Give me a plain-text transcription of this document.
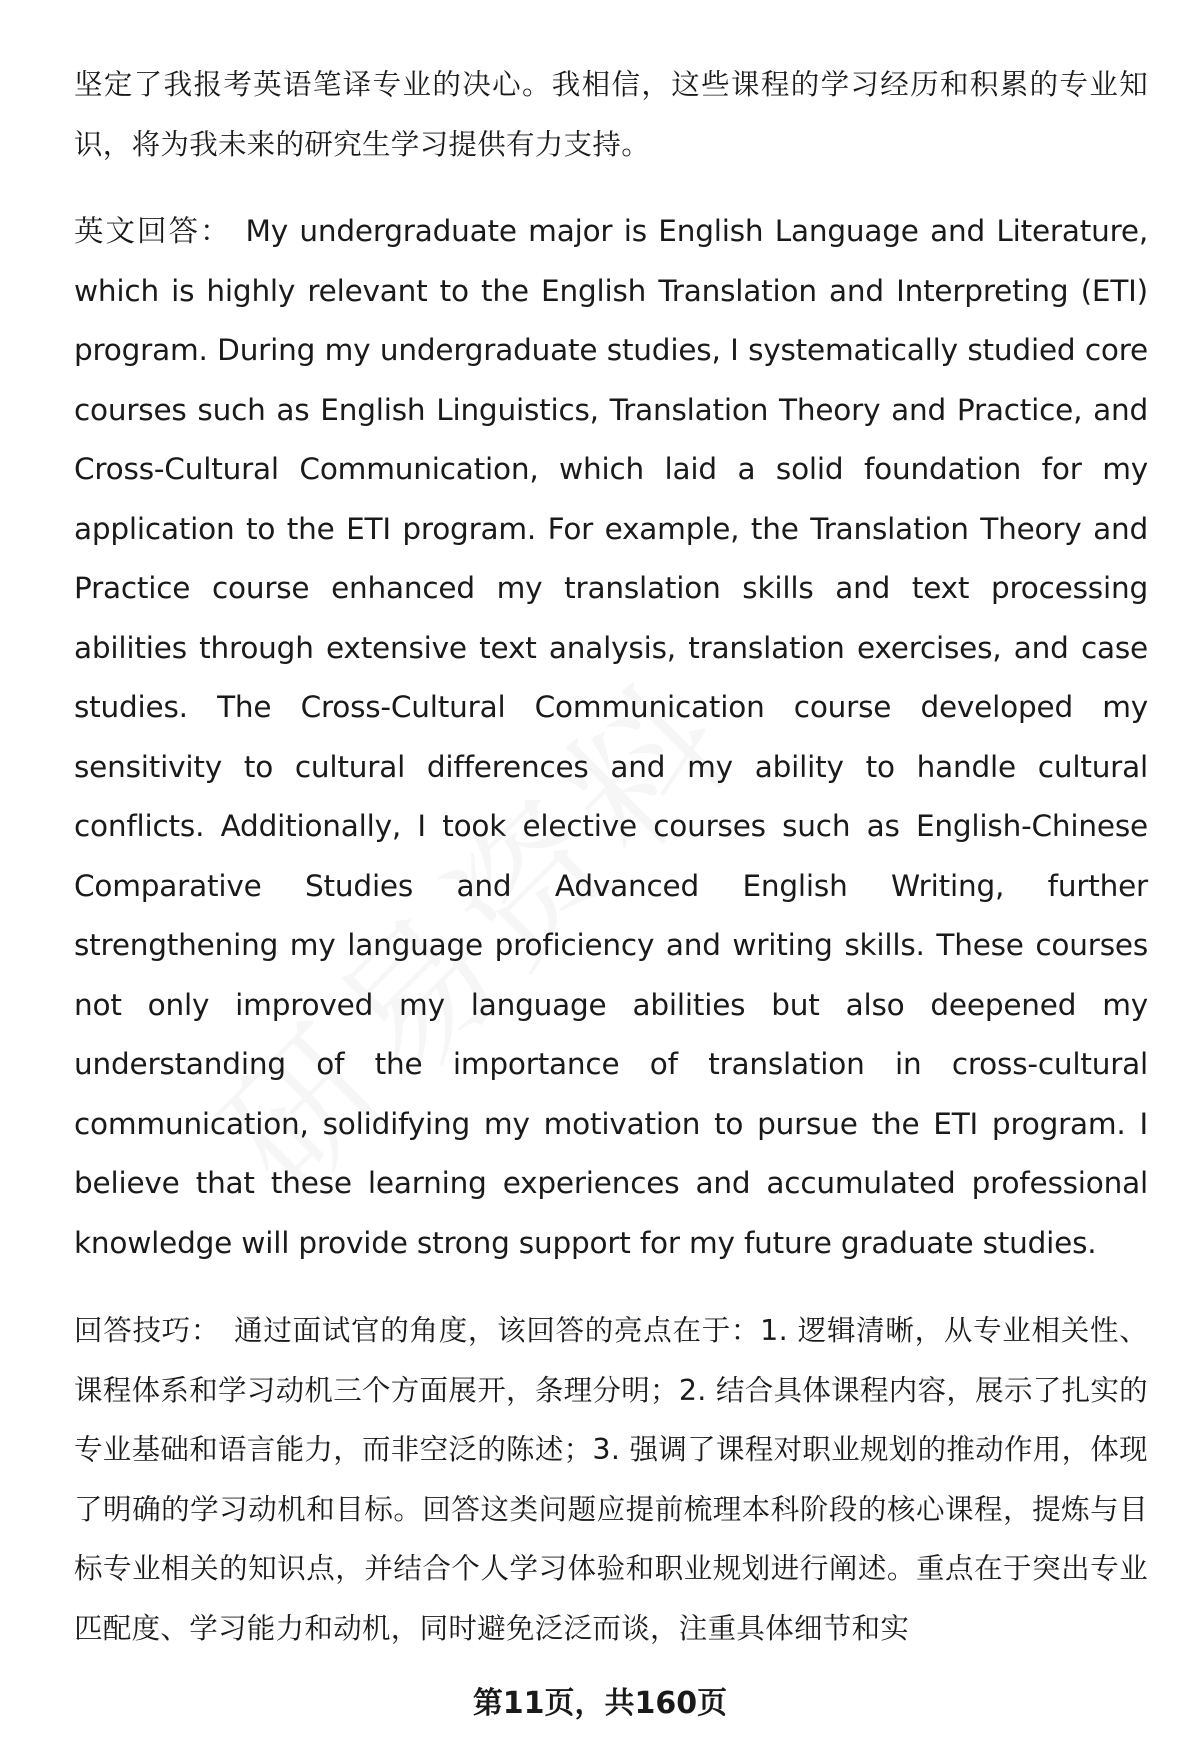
坚定了我报考英语笔译专业的决心。我相信，这些课程的学习经历和积累的专业知识，将为我未来的研究生学习提供有力支持。

英文回答： My undergraduate major is English Language and Literature, which is highly relevant to the English Translation and Interpreting (ETI) program. During my undergraduate studies, I systematically studied core courses such as English Linguistics, Translation Theory and Practice, and Cross-Cultural Communication, which laid a solid foundation for my application to the ETI program. For example, the Translation Theory and Practice course enhanced my translation skills and text processing abilities through extensive text analysis, translation exercises, and case studies. The Cross-Cultural Communication course developed my sensitivity to cultural differences and my ability to handle cultural conflicts. Additionally, I took elective courses such as English-Chinese Comparative Studies and Advanced English Writing, further strengthening my language proficiency and writing skills. These courses not only improved my language abilities but also deepened my understanding of the importance of translation in cross-cultural communication, solidifying my motivation to pursue the ETI program. I believe that these learning experiences and accumulated professional knowledge will provide strong support for my future graduate studies.

回答技巧： 通过面试官的角度，该回答的亮点在于：1. 逻辑清晰，从专业相关性、课程体系和学习动机三个方面展开，条理分明；2. 结合具体课程内容，展示了扎实的专业基础和语言能力，而非空泛的陈述；3. 强调了课程对职业规划的推动作用，体现了明确的学习动机和目标。回答这类问题应提前梳理本科阶段的核心课程，提炼与目标专业相关的知识点，并结合个人学习体验和职业规划进行阐述。重点在于突出专业匹配度、学习能力和动机，同时避免泛泛而谈，注重具体细节和实

第11页，共160页
